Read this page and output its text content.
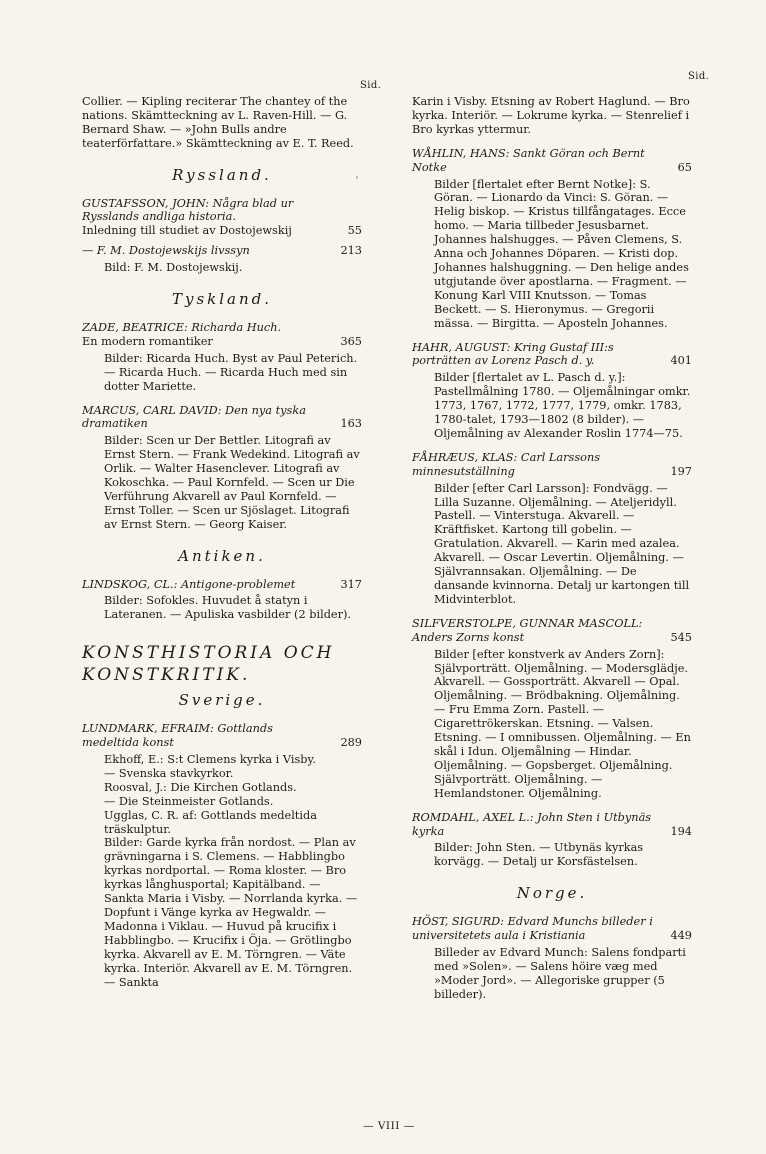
Sid.
Sid.

Collier. — Kipling reciterar The chantey of the nations. Skämtteckning av L. Raven-Hill. — G. Bernard Shaw. — »John Bulls andre teaterförfattare.» Skämtteckning av E. T. Reed.

Ryssland.
GUSTAFSSON, JOHN: Några blad ur Rysslands andliga historia.

Inledning till studiet av Dostojewskij	55

— F. M. Dostojewskijs livssyn	213

Bild: F. M. Dostojewskij.

Tyskland.
ZADE, BEATRICE: Richarda Huch.

En modern romantiker	365

Bilder: Ricarda Huch. Byst av Paul Peterich. — Ricarda Huch. — Ricarda Huch med sin dotter Mariette.

MARCUS, CARL DAVID: Den nya tyska dramatiken	163

Bilder: Scen ur Der Bettler. Litografi av Ernst Stern. — Frank Wedekind. Litografi av Orlik. — Walter Hasenclever. Litografi av Kokoschka. — Paul Kornfeld. — Scen ur Die Verführung Akvarell av Paul Kornfeld. — Ernst Toller. — Scen ur Sjöslaget. Litografi av Ernst Stern. — Georg Kaiser.

Antiken.

LINDSKOG, CL.: Antigone-problemet	317

Bilder: Sofokles. Huvudet å statyn i Lateranen. — Apuliska vasbilder (2 bilder).

KONSTHISTORIA OCH KONSTKRITIK.
Sverige.

LUNDMARK, EFRAIM: Gottlands medeltida konst	289

Ekhoff, E.: S:t Clemens kyrka i Visby.

— Svenska stavkyrkor.

Roosval, J.: Die Kirchen Gotlands.

— Die Steinmeister Gotlands.

Ugglas, C. R. af: Gottlands medeltida träskulptur.

Bilder: Garde kyrka från nordost. — Plan av grävningarna i S. Clemens. — Habblingbo kyrkas nordportal. — Roma kloster. — Bro kyrkas långhusportal; Kapitälband. — Sankta Maria i Visby. — Norrlanda kyrka. — Dopfunt i Vänge kyrka av Hegwaldr. — Madonna i Viklau. — Huvud på krucifix i Habblingbo. — Krucifix i Öja. — Grötlingbo kyrka. Akvarell av E. M. Törngren. — Väte kyrka. Interiör. Akvarell av E. M. Törngren. — Sankta

Karin i Visby. Etsning av Robert Haglund. — Bro kyrka. Interiör. — Lokrume kyrka. — Stenrelief i Bro kyrkas yttermur.

WÅHLIN, HANS: Sankt Göran och Bernt Notke	65

Bilder [flertalet efter Bernt Notke]: S. Göran. — Lionardo da Vinci: S. Göran. — Helig biskop. — Kristus tillfångatages. Ecce homo. — Maria tillbeder Jesusbarnet. Johannes halshugges. — Påven Clemens, S. Anna och Johannes Döparen. — Kristi dop. Johannes halshuggning. — Den helige andes utgjutande över apostlarna. — Fragment. — Konung Karl VIII Knutsson. — Tomas Beckett. — S. Hieronymus. — Gregorii mässa. — Birgitta. — Aposteln Johannes.

HAHR, AUGUST: Kring Gustaf III:s porträtten av Lorenz Pasch d. y.	401

Bilder [flertalet av L. Pasch d. y.]: Pastellmålning 1780. — Oljemålningar omkr. 1773, 1767, 1772, 1777, 1779, omkr. 1783, 1780-talet, 1793—1802 (8 bilder). — Oljemålning av Alexander Roslin 1774—75.

FÅHRÆUS, KLAS: Carl Larssons minnesutställning	197

Bilder [efter Carl Larsson]: Fondvägg. — Lilla Suzanne. Oljemålning. — Ateljeridyll. Pastell. — Vinterstuga. Akvarell. — Kräftfisket. Kartong till gobelin. — Gratulation. Akvarell. — Karin med azalea. Akvarell. — Oscar Levertin. Oljemålning. — Självrannsakan. Oljemålning. — De dansande kvinnorna. Detalj ur kartongen till Midvinterblot.

SILFVERSTOLPE, GUNNAR MASCOLL: Anders Zorns konst	545

Bilder [efter konstverk av Anders Zorn]: Självporträtt. Oljemålning. — Modersglädje. Akvarell. — Gossporträtt. Akvarell — Opal. Oljemålning. — Brödbakning. Oljemålning. — Fru Emma Zorn. Pastell. — Cigarettrökerskan. Etsning. — Valsen. Etsning. — I omnibussen. Oljemålning. — En skål i Idun. Oljemålning — Hindar. Oljemålning. — Gopsberget. Oljemålning. Självporträtt. Oljemålning. — Hemlandstoner. Oljemålning.

ROMDAHL, AXEL L.: John Sten i Utbynäs kyrka	194

Bilder: John Sten. — Utbynäs kyrkas korvägg. — Detalj ur Korsfästelsen.

Norge.

HÖST, SIGURD: Edvard Munchs billeder i universitetets aula i Kristiania	449

Billeder av Edvard Munch: Salens fondparti med »Solen». — Salens höire væg med »Moder Jord». — Allegoriske grupper (5 billeder).

— VIII —
